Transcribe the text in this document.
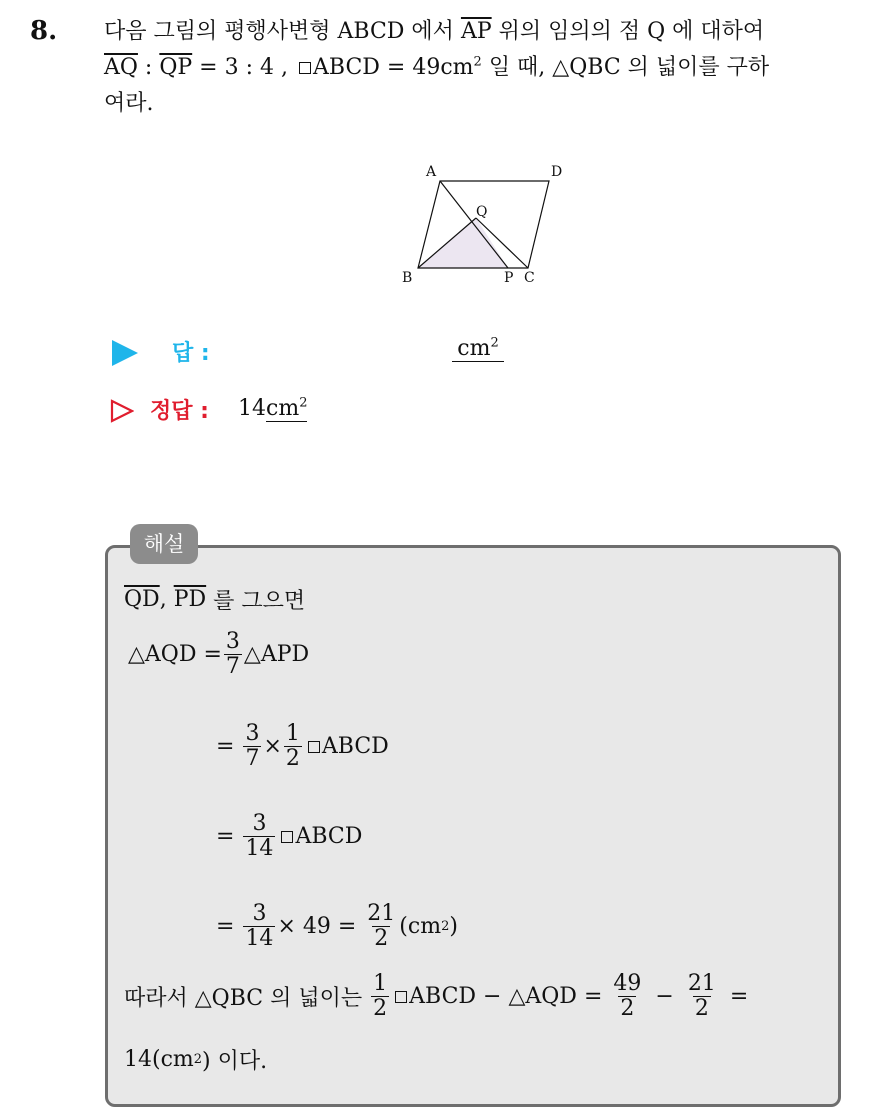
8. 다음 그림의 평행사변형 ABCD 에서 $\overline{AP}$ 위의 임의의 점 Q 에 대하여
$\overline{AQ}$ : $\overline{QP} = 3$ : 4 , ABCD = $49cm^2$ 일 때, △QBC 의 넓이를 구하
여라.
A	D
Q
B	P C
답 :	$cm^2$
정답 : $14cm^2$
해설
$\overline{QD}$ , $\overline{PD}$
를 그으면
△AQD = $\frac{3}{7}$ △APD
=
$\frac{3}{7} \times \frac{1}{2}$ ABCD
=
$\frac{3}{14}$ ABCD
=
$\frac{3}{14} \times 49$ =
$\frac{21}{2} (cm$ 2 )
따라서 △QBC 의 넓이는
$\frac{1}{2}$ ABCD − △AQD =
$\frac{49}{2} - \frac{21}{2}$ =
14(cm 2 ) 이다.
